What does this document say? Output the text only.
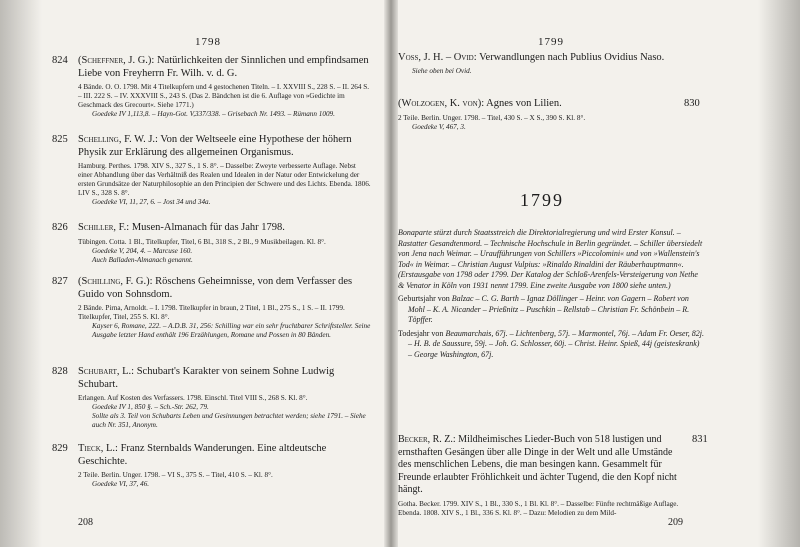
1798
824 (Scheffner, J. G.): Natürlichkeiten der Sinnlichen und empfindsamen Liebe von Freyherrn Fr. Wilh. v. d. G.

4 Bände. O. O. 1798. Mit 4 Titelkupfern und 4 gestochenen Titeln. – I. XXVIII S., 228 S. – II. 264 S. – III. 222 S. – IV. XXXVIII S., 243 S. (Das 2. Bändchen ist die 6. Auflage von »Gedichte im Geschmack des Grecourt«. Siehe 1771.)

Goedeke IV 1,113,8. – Hayn-Got. V,337/338. – Grisebach Nr. 1493. – Rümann 1009.

825 Schelling, F. W. J.: Von der Weltseele eine Hypothese der höhern Physik zur Erklärung des allgemeinen Organismus.

Hamburg. Perthes. 1798. XIV S., 327 S., 1 S. 8°. – Dasselbe: Zweyte verbesserte Auflage. Nebst einer Abhandlung über das Verhältniß des Realen und Idealen in der Natur oder Entwickelung der ersten Grundsätze der Naturphilosophie an den Principien der Schwere und des Lichts. Ebenda. 1806. LIV S., 328 S. 8°.

Goedeke VI, 11, 27, 6. – Jost 34 und 34a.

826 Schiller, F.: Musen-Almanach für das Jahr 1798.

Tübingen. Cotta. 1 Bl., Titelkupfer, Titel, 6 Bl., 318 S., 2 Bl., 9 Musikbeilagen. Kl. 8°.

Goedeke V, 204, 4. – Marcuse 160.
Auch Balladen-Almanach genannt.

827 (Schilling, F. G.): Röschens Geheimnisse, von dem Verfasser des Guido von Sohnsdom.

2 Bände. Pirna, Arnoldt. – I. 1798. Titelkupfer in braun, 2 Titel, 1 Bl., 275 S., 1 S. – II. 1799. Titelkupfer, Titel, 255 S. Kl. 8°.

Kayser 6, Romane, 222. – A.D.B. 31, 256: Schilling war ein sehr fruchtbarer Schriftsteller. Seine Ausgabe letzter Hand enthält 196 Erzählungen, Romane und Possen in 80 Bänden.

828 Schubart, L.: Schubart's Karakter von seinem Sohne Ludwig Schubart.

Erlangen. Auf Kosten des Verfassers. 1798. Einschl. Titel VIII S., 268 S. Kl. 8°.

Goedeke IV 1, 850 §. – Sch.-Str. 262, 79.
Sollte als 3. Teil von Schubarts Leben und Gesinnungen betrachtet werden; siehe 1791. – Siehe auch Nr. 351, Anonym.

829 Tieck, L.: Franz Sternbalds Wanderungen. Eine altdeutsche Geschichte.

2 Teile. Berlin. Unger. 1798. – VI S., 375 S. – Titel, 410 S. – Kl. 8°.

Goedeke VI, 37, 46.

208
1799

Voss, J. H. – Ovid: Verwandlungen nach Publius Ovidius Naso.

Siehe oben bei Ovid.

(Wolzogen, K. von): Agnes von Lilien.

2 Teile. Berlin. Unger. 1798. – Titel, 430 S. – X S., 390 S. Kl. 8°.

Goedeke V, 467, 3.

830
1799

Bonaparte stürzt durch Staatsstreich die Direktorialregierung und wird Erster Konsul. – Rastatter Gesandtenmord. – Technische Hochschule in Berlin gegründet. – Schiller übersiedelt von Jena nach Weimar. – Uraufführungen von Schillers »Piccolomini« und von »Wallenstein's Tod« in Weimar. – Christian August Vulpius: »Rinaldo Rinaldini der Räuberhauptmann«. (Erstausgabe von 1798 oder 1799. Der Katalog der Schloß-Arenfels-Versteigerung von Nethe & Venator in Köln von 1931 nennt 1799. Eine zweite Ausgabe von 1800 siehe unten.)

Geburtsjahr von Balzac – C. G. Barth – Ignaz Döllinger – Heinr. von Gagern – Robert von Mohl – K. A. Nicander – Prießnitz – Puschkin – Rellstab – Christian Fr. Schönbein – R. Töpffer.

Todesjahr von Beaumarchais, 67j. – Lichtenberg, 57j. – Marmontel, 76j. – Adam Fr. Oeser, 82j. – H. B. de Saussure, 59j. – Joh. G. Schlosser, 60j. – Christ. Heinr. Spieß, 44j (geisteskrank) – George Washington, 67j.

Becker, R. Z.: Mildheimisches Lieder-Buch von 518 lustigen und ernsthaften Gesängen über alle Dinge in der Welt und alle Umstände des menschlichen Lebens, die man besingen kann. Gesammelt für Freunde erlaubter Fröhlichkeit und ächter Tugend, die den Kopf nicht hängt.

Gotha. Becker. 1799. XIV S., 1 Bl., 330 S., 1 Bl. Kl. 8°. – Dasselbe: Fünfte rechtmäßige Auflage. Ebenda. 1808. XIV S., 1 Bl., 336 S. Kl. 8°. – Dazu: Melodien zu dem Mild-

831
209
